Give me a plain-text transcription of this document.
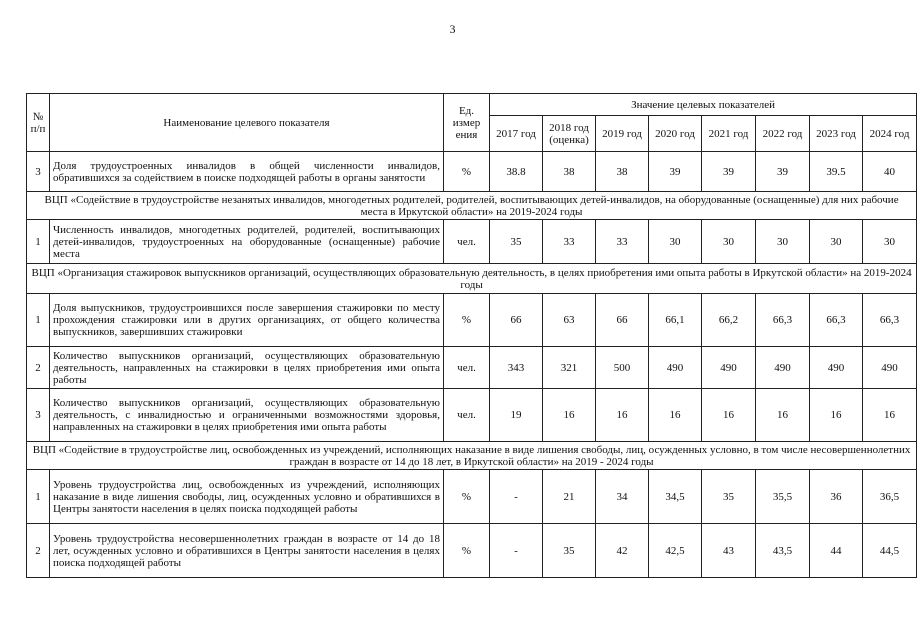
3
№ п/п	Наименование целевого показателя	Ед. измер ения	Значение целевых показателей							
			2017 год	2018 год (оценка)	2019 год	2020 год	2021 год	2022 год	2023 год	2024 год
3	Доля трудоустроенных инвалидов в общей численности инвалидов, обратившихся за содействием в поиске подходящей работы в органы занятости	%	38.8	38	38	39	39	39	39.5	40
ВЦП «Содействие в трудоустройстве незанятых инвалидов, многодетных родителей, родителей, воспитывающих детей-инвалидов, на оборудованные (оснащенные) для них рабочие места в Иркутской области» на 2019-2024 годы										
1	Численность инвалидов, многодетных родителей, родителей, воспитывающих детей-инвалидов, трудоустроенных на оборудованные (оснащенные) рабочие места	чел.	35	33	33	30	30	30	30	30
ВЦП «Организация стажировок выпускников организаций, осуществляющих образовательную деятельность, в целях приобретения ими опыта работы в Иркутской области» на 2019-2024 годы										
1	Доля выпускников, трудоустроившихся после завершения стажировки по месту прохождения стажировки или в других организациях, от общего количества выпускников, завершивших стажировки	%	66	63	66	66,1	66,2	66,3	66,3	66,3
2	Количество выпускников организаций, осуществляющих образовательную деятельность, направленных на стажировки в целях приобретения ими опыта работы	чел.	343	321	500	490	490	490	490	490
3	Количество выпускников организаций, осуществляющих образовательную деятельность, с инвалидностью и ограниченными возможностями здоровья, направленных на стажировки в целях приобретения ими опыта работы	чел.	19	16	16	16	16	16	16	16
ВЦП «Содействие в трудоустройстве лиц, освобожденных из учреждений, исполняющих наказание в виде лишения свободы, лиц, осужденных условно, в том числе несовершеннолетних граждан в возрасте от 14 до 18 лет, в Иркутской области» на 2019 - 2024 годы										
1	Уровень трудоустройства лиц, освобожденных из учреждений, исполняющих наказание в виде лишения свободы, лиц, осужденных условно и обратившихся в Центры занятости населения в целях поиска подходящей работы	%	-	21	34	34,5	35	35,5	36	36,5
2	Уровень трудоустройства несовершеннолетних граждан в возрасте от 14 до 18 лет, осужденных условно и обратившихся в Центры занятости населения в целях поиска подходящей работы	%	-	35	42	42,5	43	43,5	44	44,5
